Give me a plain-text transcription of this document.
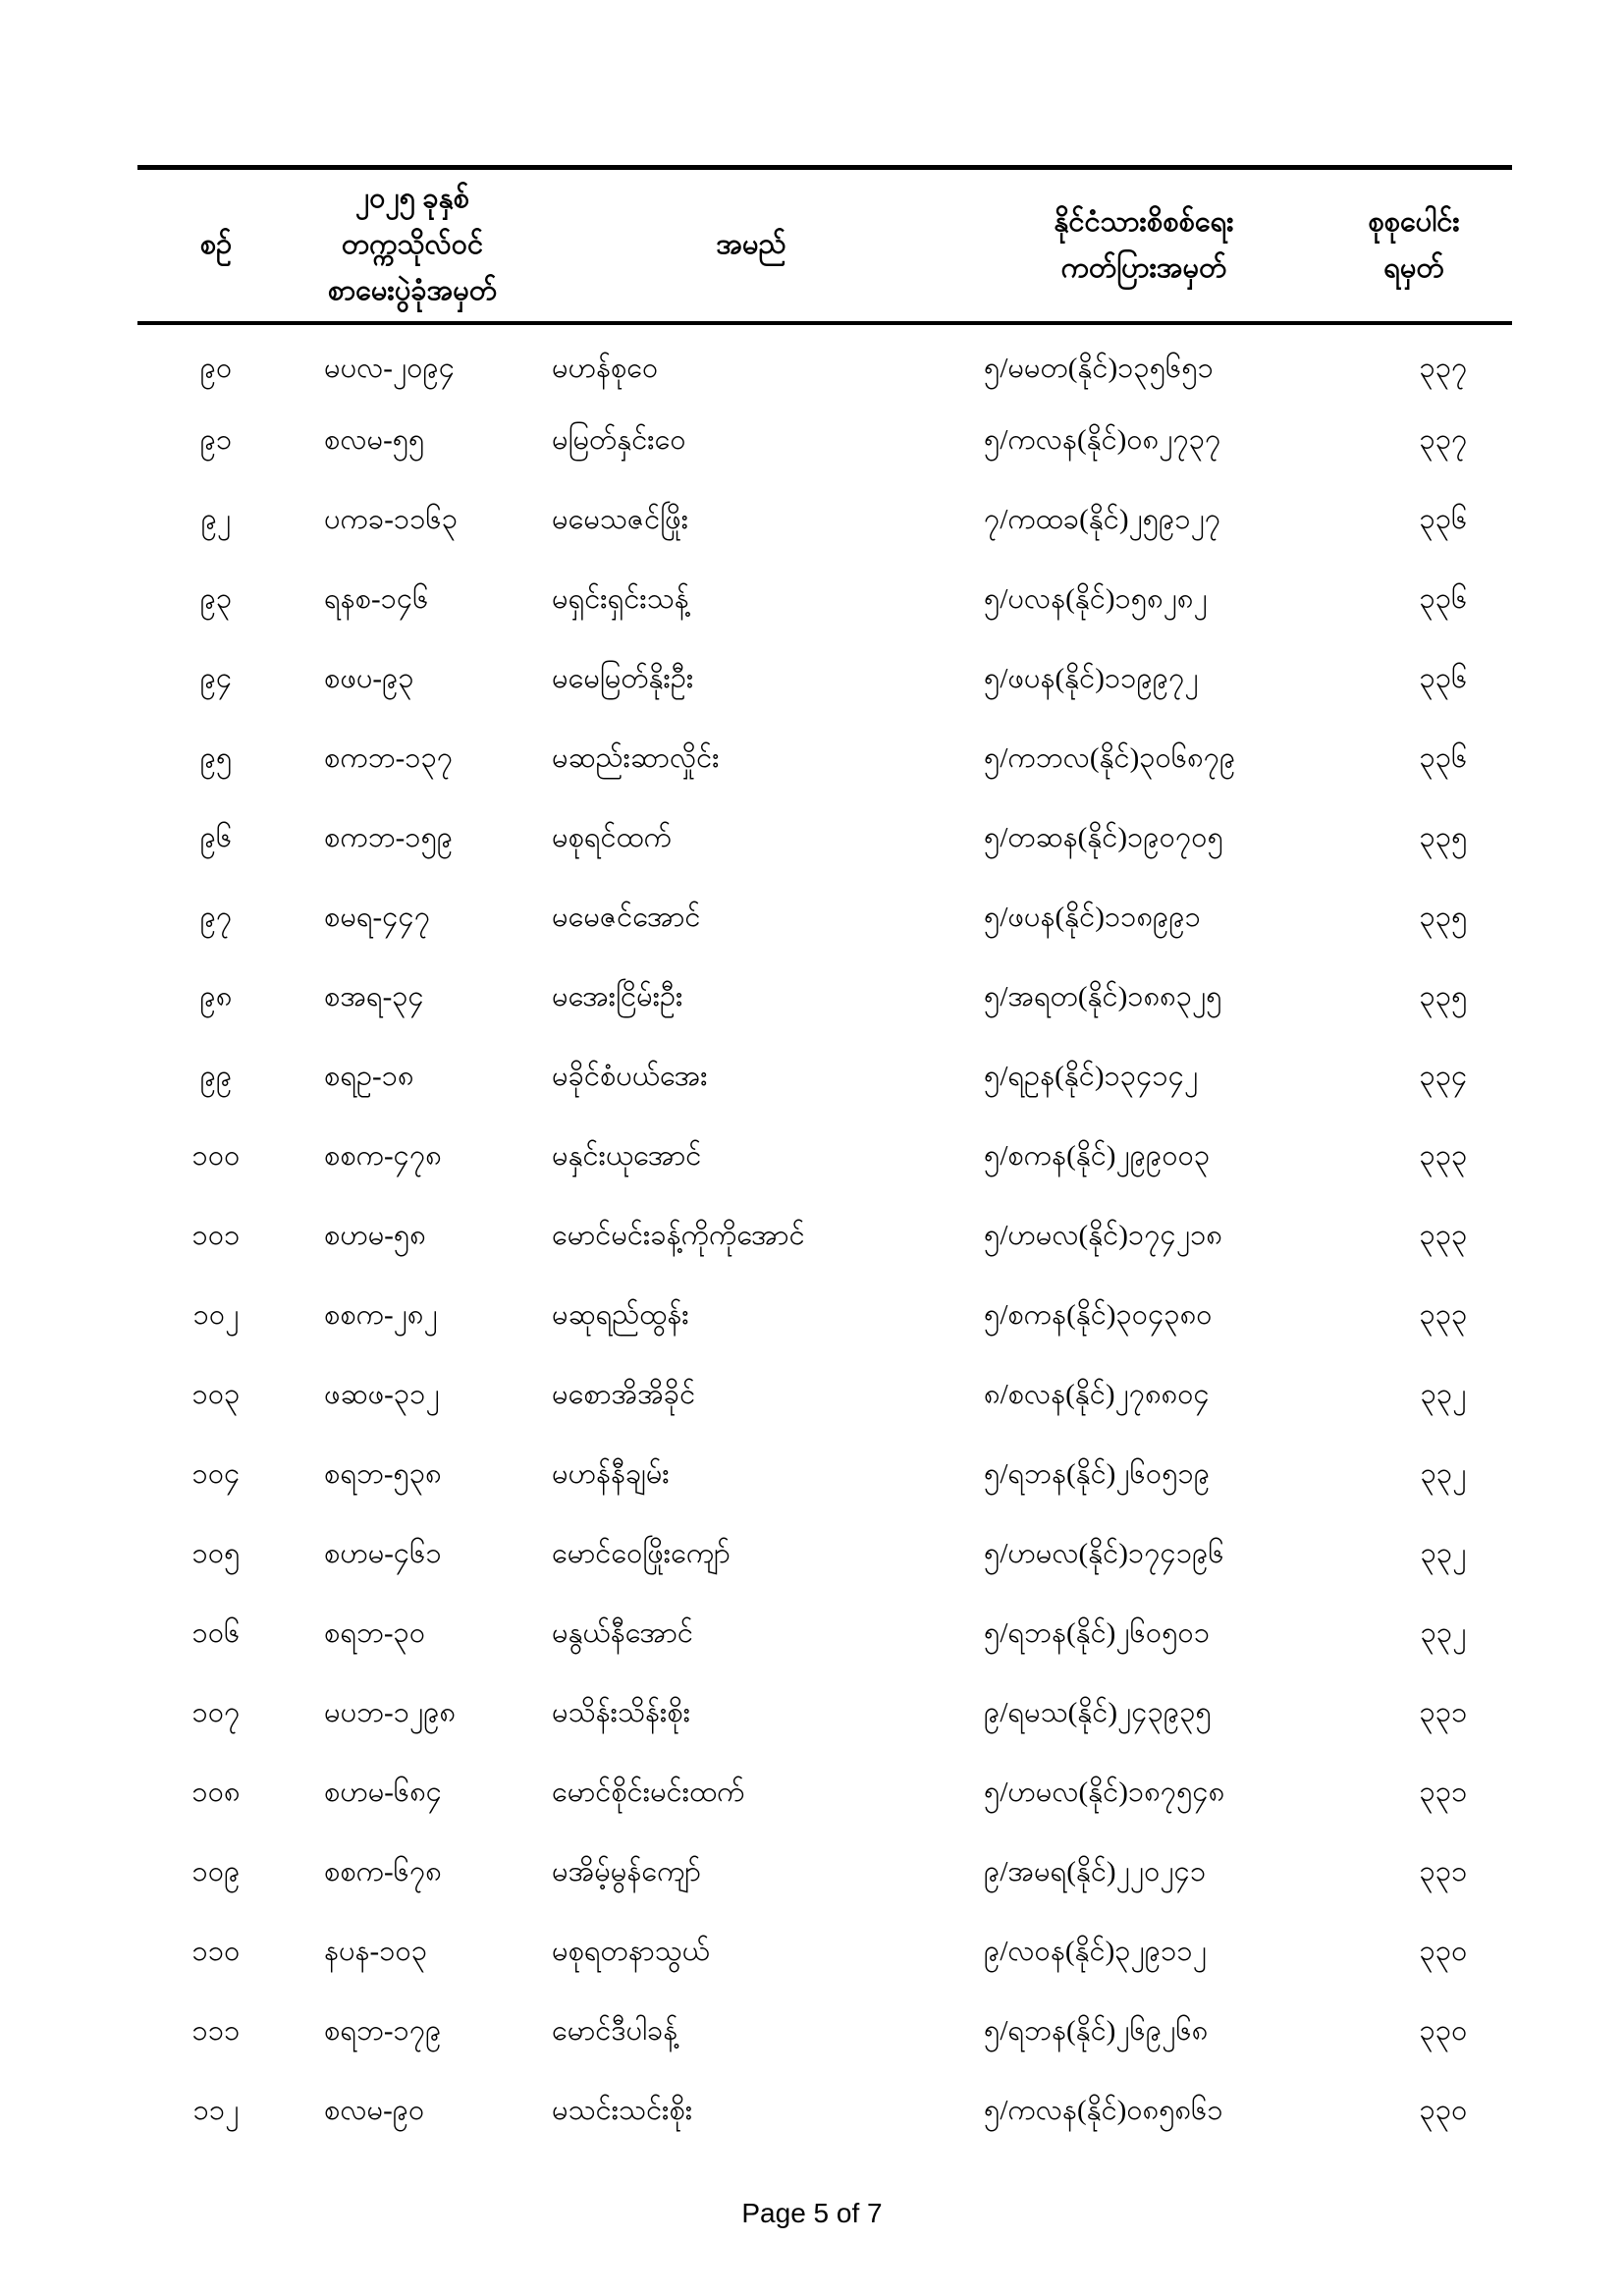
စဉ်	၂၀၂၅ ခုနှစ်
တက္ကသိုလ်ဝင်
စာမေးပွဲခုံအမှတ်	အမည်	နိုင်ငံသားစိစစ်ရေး
ကတ်ပြားအမှတ်	စုစုပေါင်း
ရမှတ်

၉၀	မပလ-၂၀၉၄	မဟန်စုဝေ	၅/မမတ(နိုင်)၁၃၅၆၅၁	၃၃၇
၉၁	စလမ-၅၅	မမြတ်နှင်းဝေ	၅/ကလန(နိုင်)၀၈၂၇၃၇	၃၃၇
၉၂	ပကခ-၁၁၆၃	မမေသဇင်ဖြိုး	၇/ကထခ(နိုင်)၂၅၉၁၂၇	၃၃၆
၉၃	ရနစ-၁၄၆	မရှင်းရှင်းသန့်	၅/ပလန(နိုင်)၁၅၈၂၈၂	၃၃၆
၉၄	စဖပ-၉၃	မမေမြတ်နိုးဦး	၅/ဖပန(နိုင်)၁၁၉၉၇၂	၃၃၆
၉၅	စကဘ-၁၃၇	မဆည်းဆာလှိုင်း	၅/ကဘလ(နိုင်)၃၀၆၈၇၉	၃၃၆
၉၆	စကဘ-၁၅၉	မစုရင်ထက်	၅/တဆန(နိုင်)၁၉၀၇၀၅	၃၃၅
၉၇	စမရ-၄၄၇	မမေဇင်အောင်	၅/ဖပန(နိုင်)၁၁၈၉၉၁	၃၃၅
၉၈	စအရ-၃၄	မအေးငြိမ်းဦး	၅/အရတ(နိုင်)၁၈၈၃၂၅	၃၃၅
၉၉	စရဥ-၁၈	မခိုင်စံပယ်အေး	၅/ရဥန(နိုင်)၁၃၄၁၄၂	၃၃၄
၁၀၀	စစက-၄၇၈	မနှင်းယုအောင်	၅/စကန(နိုင်)၂၉၉၀၀၃	၃၃၃
၁၀၁	စဟမ-၅၈	မောင်မင်းခန့်ကိုကိုအောင်	၅/ဟမလ(နိုင်)၁၇၄၂၁၈	၃၃၃
၁၀၂	စစက-၂၈၂	မဆုရည်ထွန်း	၅/စကန(နိုင်)၃၀၄၃၈၀	၃၃၃
၁၀၃	ဖဆဖ-၃၁၂	မစောအိအိခိုင်	၈/စလန(နိုင်)၂၇၈၈၀၄	၃၃၂
၁၀၄	စရဘ-၅၃၈	မဟန်နီချမ်း	၅/ရဘန(နိုင်)၂၆၀၅၁၉	၃၃၂
၁၀၅	စဟမ-၄၆၁	မောင်ဝေဖြိုးကျော်	၅/ဟမလ(နိုင်)၁၇၄၁၉၆	၃၃၂
၁၀၆	စရဘ-၃၀	မနွယ်နီအောင်	၅/ရဘန(နိုင်)၂၆၀၅၀၁	၃၃၂
၁၀၇	မပဘ-၁၂၉၈	မသိန်းသိန်းစိုး	၉/ရမသ(နိုင်)၂၄၃၉၃၅	၃၃၁
၁၀၈	စဟမ-၆၈၄	မောင်စိုင်းမင်းထက်	၅/ဟမလ(နိုင်)၁၈၇၅၄၈	၃၃၁
၁၀၉	စစက-၆၇၈	မအိမ့်မွန်ကျော်	၉/အမရ(နိုင်)၂၂၀၂၄၁	၃၃၁
၁၁၀	နပန-၁၀၃	မစုရတနာသွယ်	၉/လဝန(နိုင်)၃၂၉၁၁၂	၃၃၀
၁၁၁	စရဘ-၁၇၉	မောင်ဒီပါခန့်	၅/ရဘန(နိုင်)၂၆၉၂၆၈	၃၃၀
၁၁၂	စလမ-၉၀	မသင်းသင်းစိုး	၅/ကလန(နိုင်)၀၈၅၈၆၁	၃၃၀
Page 5 of 7
